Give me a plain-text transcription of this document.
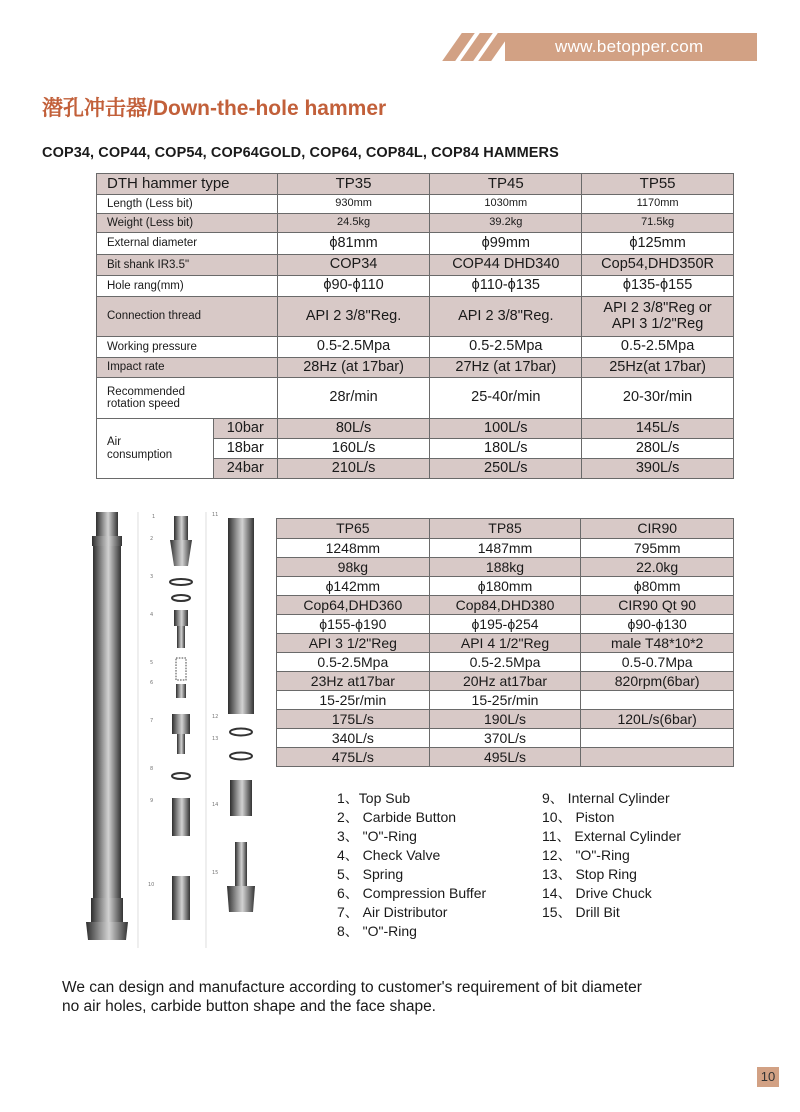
www.betopper.com
潜孔冲击器/Down-the-hole hammer
COP34, COP44, COP54, COP64GOLD, COP64, COP84L, COP84 HAMMERS
DTH hammer type		TP35	TP45	TP55
Length (Less bit)		930mm	1030mm	1170mm
Weight (Less bit)		24.5kg	39.2kg	71.5kg
External diameter		ϕ81mm	ϕ99mm	ϕ125mm
Bit shank IR3.5"		COP34	COP44 DHD340	Cop54,DHD350R
Hole rang(mm)		ϕ90-ϕ110	ϕ110-ϕ135	ϕ135-ϕ155
Connection thread		API 2 3/8"Reg.	API 2 3/8"Reg.	API 2 3/8"Reg or
API 3 1/2"Reg

Working pressure		0.5-2.5Mpa	0.5-2.5Mpa	0.5-2.5Mpa
Impact rate		28Hz (at 17bar)	27Hz (at 17bar)	25Hz(at 17bar)

Recommended
rotation speed		28r/min	25-40r/min	20-30r/min

Air
consumption	10bar	80L/s	100L/s	145L/s
	18bar	160L/s	180L/s	280L/s
	24bar	210L/s	250L/s	390L/s
1
2
3
4
5
6
7
8
9
10
11
12
13
14
15
TP65	TP85	CIR90
1248mm	1487mm	795mm
98kg	188kg	22.0kg
ϕ142mm	ϕ180mm	ϕ80mm
Cop64,DHD360	Cop84,DHD380	CIR90 Qt 90
ϕ155-ϕ190	ϕ195-ϕ254	ϕ90-ϕ130
API 3 1/2"Reg	API 4 1/2"Reg	male T48*10*2
0.5-2.5Mpa	0.5-2.5Mpa	0.5-0.7Mpa
23Hz at17bar	20Hz at17bar	820rpm(6bar)
15-25r/min	15-25r/min	
175L/s	190L/s	120L/s(6bar)
340L/s	370L/s	
475L/s	495L/s	
1、Top Sub
2、 Carbide Button
3、 "O"-Ring
4、 Check Valve
5、 Spring
6、 Compression Buffer
7、 Air Distributor
8、 "O"-Ring
9、 Internal Cylinder
10、 Piston
11、 External Cylinder
12、 "O"-Ring
13、 Stop Ring
14、 Drive Chuck
15、 Drill Bit
We can design and manufacture according to customer's requirement of bit diameter
no air holes, carbide button shape and the face shape.
10
